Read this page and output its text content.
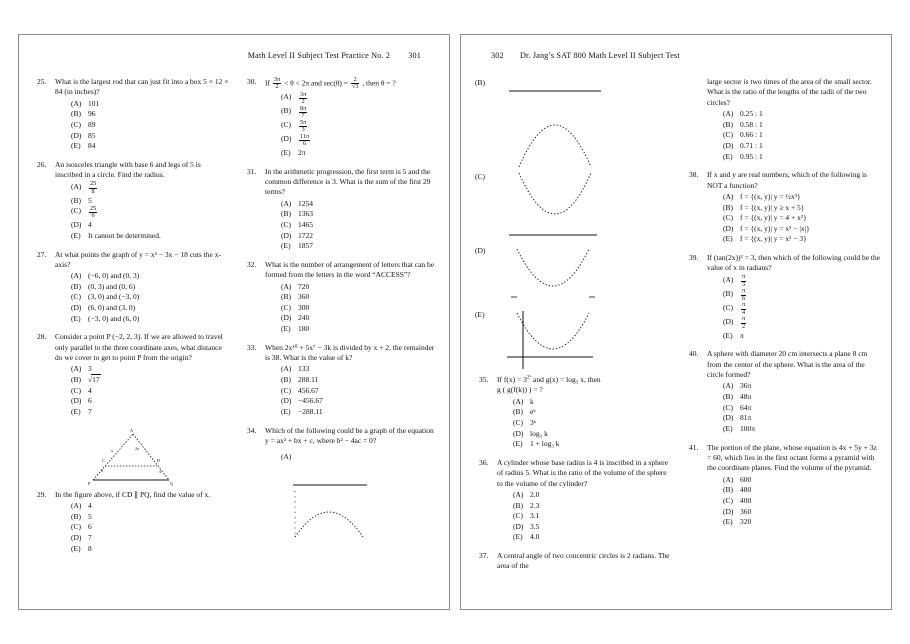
Math Level II Subject Test Practice No. 2 301
25.	What is the largest rod that can just fit into a box 5 × 12 × 84 (in inches)?
(A) 101
(B) 96
(C) 89
(D) 85
(E) 84
26.	An isosceles triangle with base 6 and legs of 5 is inscribed in a circle. Find the radius.
(A)	$\frac{25}{8}$
(B) 5
(C)	$\frac{25}{6}$
(D) 4
(E) It cannot be determined.
27.	At what points the graph of y = x² − 3x − 18 cuts the x-axis?
(A) (−6, 0) and (0, 3)
(B) (0, 3) and (0, 6)
(C) (3, 0) and (−3, 0)
(D) (6, 0) and (3, 0)
(E) (−3, 0) and (6, 0)
28.	Consider a point P (−2, 2, 3). If we are allowed to travel only parallel to the three coordinate axes, what distance do we cover to get to point P from the origin?
(A) 3
(B) √17
(C) 4
(D) 6
(E) 7
A
x	2x
C	D
6	4
P	Q
29.	In the figure above, if CD ∥ PQ, find the value of x.
(A) 4
(B) 5
(C) 6
(D) 7
(E) 8
30.	If $\frac{3\pi}{2} < \theta < 2\pi$ and $\sec(\theta) = \frac{2}{√3}$ , then θ = ?
(A)	$\frac{3\pi}{2}$
(B)	$\frac{8\pi}{7}$
(C)	$\frac{5\pi}{3}$
(D)	$\frac{11\pi}{6}$
(E) 2π
31.	In the arithmetic progression, the first term is 5 and the common difference is 3. What is the sum of the first 29 terms?
(A) 1254
(B) 1363
(C) 1465
(D) 1722
(E) 1857
32.	What is the number of arrangement of letters that can be formed from the letters in the word “ACCESS”?
(A) 720
(B) 360
(C) 300
(D) 240
(E) 180
33.	When 2x¹⁰ + 5x⁷ − 3k is divided by x + 2, the remainder is 38. What is the value of k?
(A) 133
(B) 288.11
(C) 456.67
(D) −456.67
(E) −288.11
34.	Which of the following could be a graph of the equation y = ax² + bx + c, where b² − 4ac = 0?
(A)
302 Dr. Jang’s SAT 800 Math Level II Subject Test
(B)
(C)
(D)
(E)
35.	If $f(x) = 3^{2ˣ}$ and g(x) = log₃ x, then
g ( g(f(k)) ) = ?
(A) k
(B) eᵏ
(C) 3ᵏ
(D) log₃ k
(E) 1 + log₃ k
36.	A cylinder whose base radius is 4 is inscribed in a sphere of radius 5. What is the ratio of the volume of the sphere to the volume of the cylinder?
(A) 2.0
(B) 2.3
(C) 3.1
(D) 3.5
(E) 4.0
37.	A central angle of two concentric circles is 2 radians. The area of the
large sector is two times of the area of the small sector. What is the ratio of the lengths of the radii of the two circles?
(A) 0.25 : 1
(B) 0.58 : 1
(C) 0.66 : 1
(D) 0.71 : 1
(E) 0.95 : 1
38.	If x and y are real numbers, which of the following is NOT a function?
(A) f = {(x, y)| y = ½x³}
(B) f = {(x, y)| y ≥ x + 5}
(C) f = {(x, y)| y = 4 + x²}
(D) f = {(x, y)| y = x² − |x|}
(E) f = {(x, y)| y = x² − 3}
39.	If (tan(2x))² = 3, then which of the following could be the value of x in radians?
(A)	$\frac{\pi}{3}$
(B)	$\frac{\pi}{6}$
(C)	$\frac{\pi}{4}$
(D)	$\frac{\pi}{2}$
(E) π
40.	A sphere with diameter 20 cm intersects a plane 8 cm from the center of the sphere. What is the area of the circle formed?
(A) 36π
(B) 48π
(C) 64π
(D) 81π
(E) 100π
41.	The portion of the plane, whose equation is 4x + 5y + 3z = 60, which lies in the first octant forms a pyramid with the coordinate planes. Find the volume of the pyramid.
(A) 600
(B) 480
(C) 400
(D) 360
(E) 320
